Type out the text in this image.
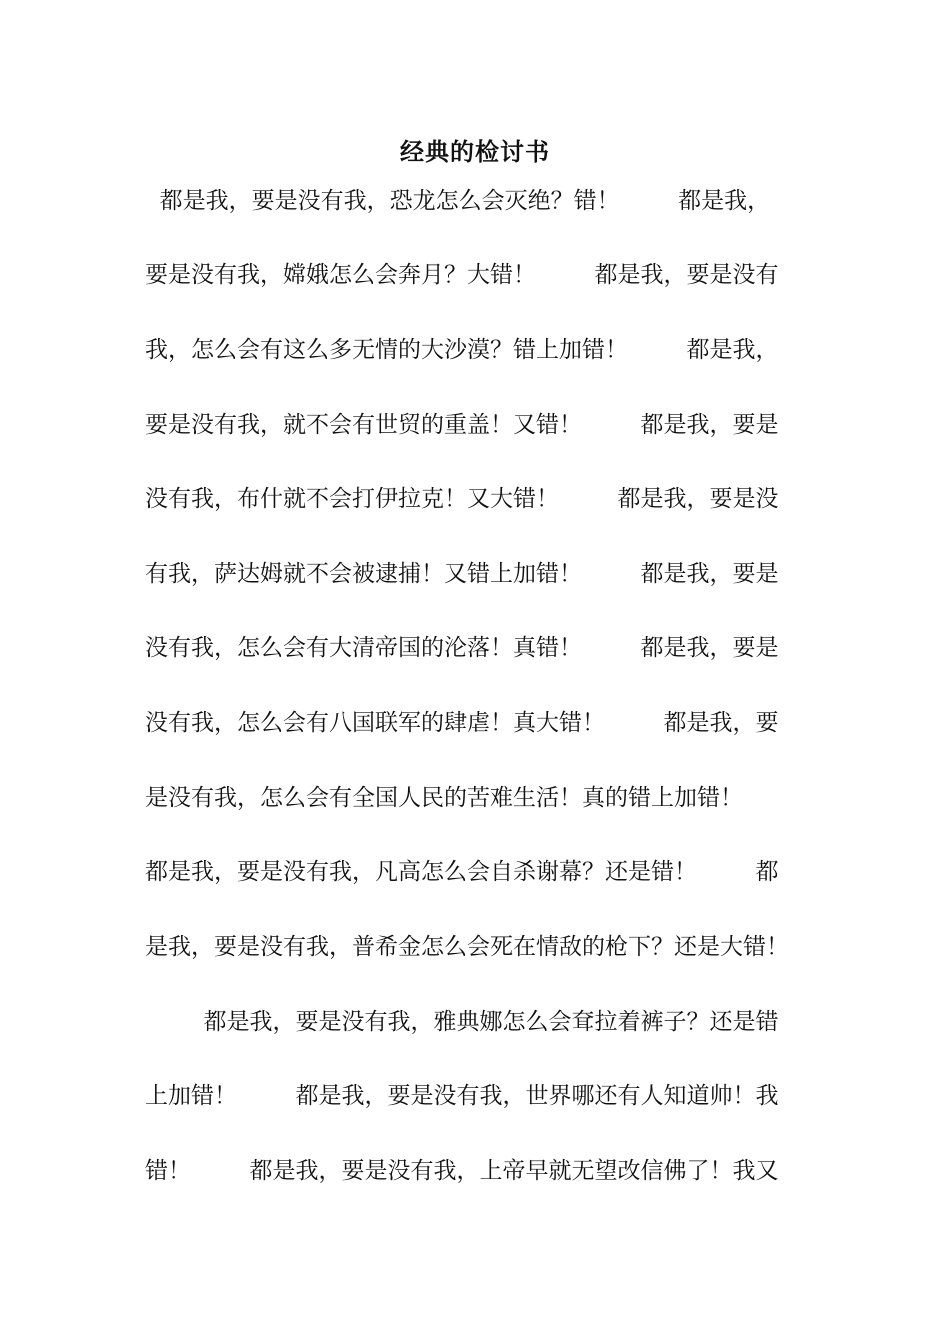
经典的检讨书
都是我，要是没有我，恐龙怎么会灭绝？错！        都是我，
要是没有我，嫦娥怎么会奔月？大错！        都是我，要是没有
我，怎么会有这么多无情的大沙漠？错上加错！        都是我，
要是没有我，就不会有世贸的重盖！又错！        都是我，要是
没有我，布什就不会打伊拉克！又大错！        都是我，要是没
有我，萨达姆就不会被逮捕！又错上加错！        都是我，要是
没有我，怎么会有大清帝国的沦落！真错！        都是我，要是
没有我，怎么会有八国联军的肆虐！真大错！        都是我，要
是没有我，怎么会有全国人民的苦难生活！真的错上加错！
都是我，要是没有我，凡高怎么会自杀谢幕？还是错！        都
是我，要是没有我，普希金怎么会死在情敌的枪下？还是大错！
都是我，要是没有我，雅典娜怎么会耷拉着裤子？还是错
上加错！        都是我，要是没有我，世界哪还有人知道帅！我
错！        都是我，要是没有我，上帝早就无望改信佛了！我又
